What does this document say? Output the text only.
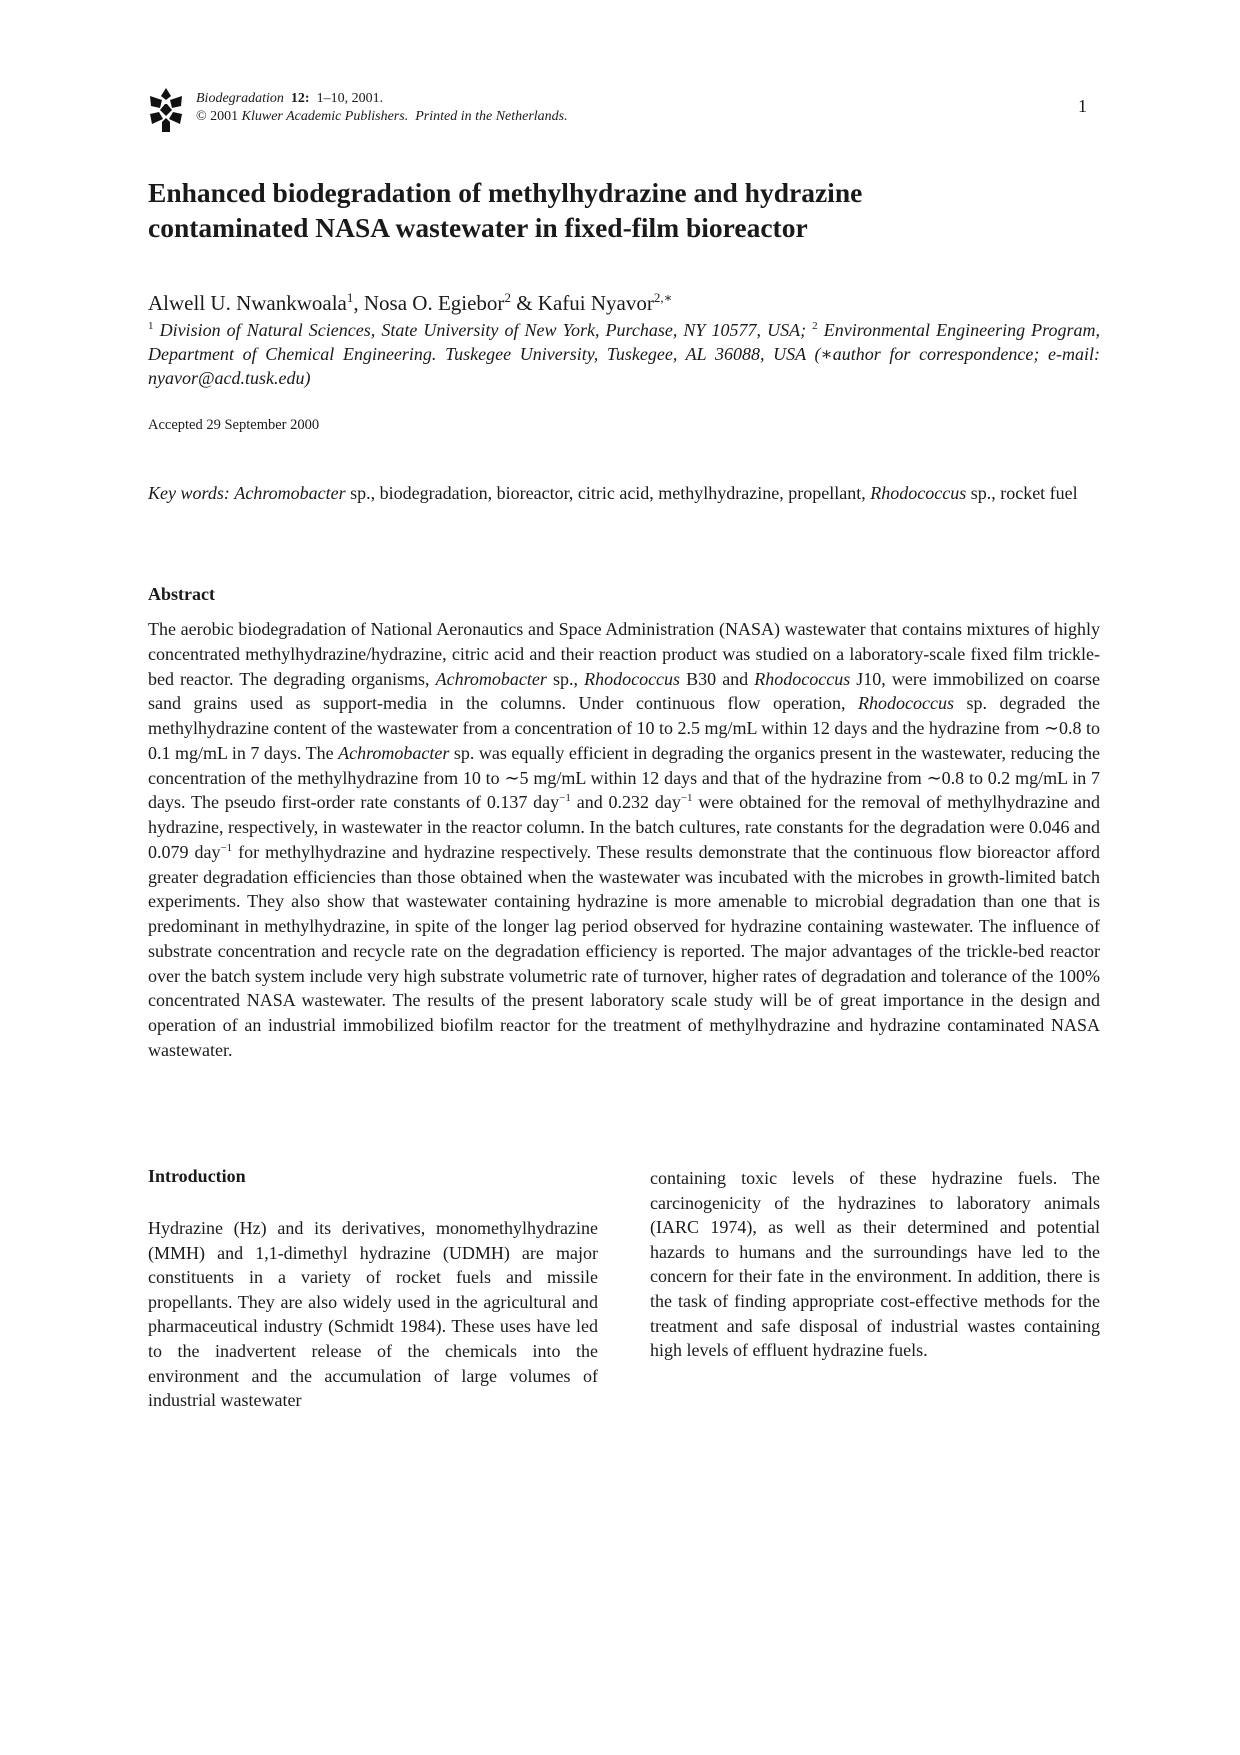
Biodegradation 12: 1–10, 2001.
© 2001 Kluwer Academic Publishers. Printed in the Netherlands.
1
Enhanced biodegradation of methylhydrazine and hydrazine
contaminated NASA wastewater in fixed-film bioreactor
Alwell U. Nwankwoala$^1$, Nosa O. Egiebor$^2$ & Kafui Nyavor$^{2,∗}$
$^1$ Division of Natural Sciences, State University of New York, Purchase, NY 10577, USA; $^2$ Environmental Engineering Program, Department of Chemical Engineering. Tuskegee University, Tuskegee, AL 36088, USA (∗author for correspondence; e-mail: nyavor@acd.tusk.edu)
Accepted 29 September 2000
Key words: Achromobacter sp., biodegradation, bioreactor, citric acid, methylhydrazine, propellant, Rhodococcus sp., rocket fuel
Abstract

The aerobic biodegradation of National Aeronautics and Space Administration (NASA) wastewater that contains mixtures of highly concentrated methylhydrazine/hydrazine, citric acid and their reaction product was studied on a laboratory-scale fixed film trickle-bed reactor. The degrading organisms, Achromobacter sp., Rhodococcus B30 and Rhodococcus J10, were immobilized on coarse sand grains used as support-media in the columns. Under continuous flow operation, Rhodococcus sp. degraded the methylhydrazine content of the wastewater from a concentration of 10 to 2.5 mg/mL within 12 days and the hydrazine from ∼0.8 to 0.1 mg/mL in 7 days. The Achromobacter sp. was equally efficient in degrading the organics present in the wastewater, reducing the concentration of the methylhydrazine from 10 to ∼5 mg/mL within 12 days and that of the hydrazine from ∼0.8 to 0.2 mg/mL in 7 days. The pseudo first-order rate constants of 0.137 day$^{-1}$ and 0.232 day$^{-1}$ were obtained for the removal of methylhydrazine and hydrazine, respectively, in wastewater in the reactor column. In the batch cultures, rate constants for the degradation were 0.046 and 0.079 day$^{-1}$ for methylhydrazine and hydrazine respectively. These results demonstrate that the continuous flow bioreactor afford greater degradation efficiencies than those obtained when the wastewater was incubated with the microbes in growth-limited batch experiments. They also show that wastewater containing hydrazine is more amenable to microbial degradation than one that is predominant in methylhydrazine, in spite of the longer lag period observed for hydrazine containing wastewater. The influence of substrate concentration and recycle rate on the degradation efficiency is reported. The major advantages of the trickle-bed reactor over the batch system include very high substrate volumetric rate of turnover, higher rates of degradation and tolerance of the 100% concentrated NASA wastewater. The results of the present laboratory scale study will be of great importance in the design and operation of an industrial immobilized biofilm reactor for the treatment of methylhydrazine and hydrazine contaminated NASA wastewater.

Introduction

Hydrazine (Hz) and its derivatives, monomethylhydrazine (MMH) and 1,1-dimethyl hydrazine (UDMH) are major constituents in a variety of rocket fuels and missile propellants. They are also widely used in the agricultural and pharmaceutical industry (Schmidt 1984). These uses have led to the inadvertent release of the chemicals into the environment and the accumulation of large volumes of industrial wastewater

containing toxic levels of these hydrazine fuels. The carcinogenicity of the hydrazines to laboratory animals (IARC 1974), as well as their determined and potential hazards to humans and the surroundings have led to the concern for their fate in the environment. In addition, there is the task of finding appropriate cost-effective methods for the treatment and safe disposal of industrial wastes containing high levels of effluent hydrazine fuels.
